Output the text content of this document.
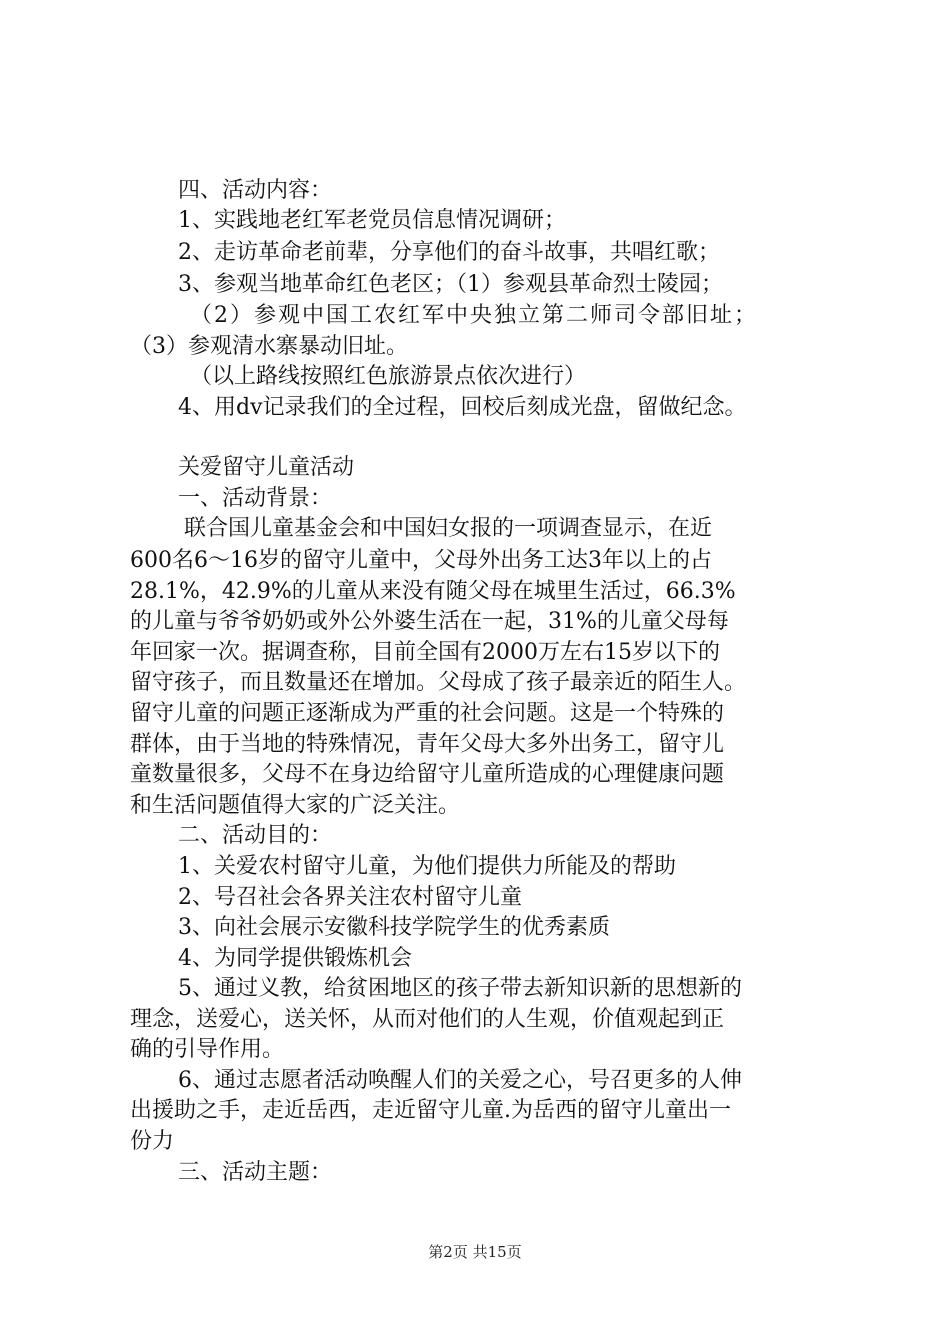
四、活动内容：
1、实践地老红军老党员信息情况调研；
2、走访革命老前辈，分享他们的奋斗故事，共唱红歌；
3、参观当地革命红色老区；（1）参观县革命烈士陵园；
（2）参观中国工农红军中央独立第二师司令部旧址；
（3）参观清水寨暴动旧址。
（以上路线按照红色旅游景点依次进行）
4、用dv记录我们的全过程，回校后刻成光盘，留做纪念。
关爱留守儿童活动
一、活动背景：
联合国儿童基金会和中国妇女报的一项调查显示，在近
600名6～16岁的留守儿童中，父母外出务工达3年以上的占
28.1%，42.9%的儿童从来没有随父母在城里生活过，66.3%
的儿童与爷爷奶奶或外公外婆生活在一起，31%的儿童父母每
年回家一次。据调查称，目前全国有2000万左右15岁以下的
留守孩子，而且数量还在增加。父母成了孩子最亲近的陌生人。
留守儿童的问题正逐渐成为严重的社会问题。这是一个特殊的
群体，由于当地的特殊情况，青年父母大多外出务工，留守儿
童数量很多，父母不在身边给留守儿童所造成的心理健康问题
和生活问题值得大家的广泛关注。
二、活动目的：
1、关爱农村留守儿童，为他们提供力所能及的帮助
2、号召社会各界关注农村留守儿童
3、向社会展示安徽科技学院学生的优秀素质
4、为同学提供锻炼机会
5、通过义教，给贫困地区的孩子带去新知识新的思想新的
理念，送爱心，送关怀，从而对他们的人生观，价值观起到正
确的引导作用。
6、通过志愿者活动唤醒人们的关爱之心，号召更多的人伸
出援助之手，走近岳西，走近留守儿童.为岳西的留守儿童出一
份力
三、活动主题：
第2页 共15页
